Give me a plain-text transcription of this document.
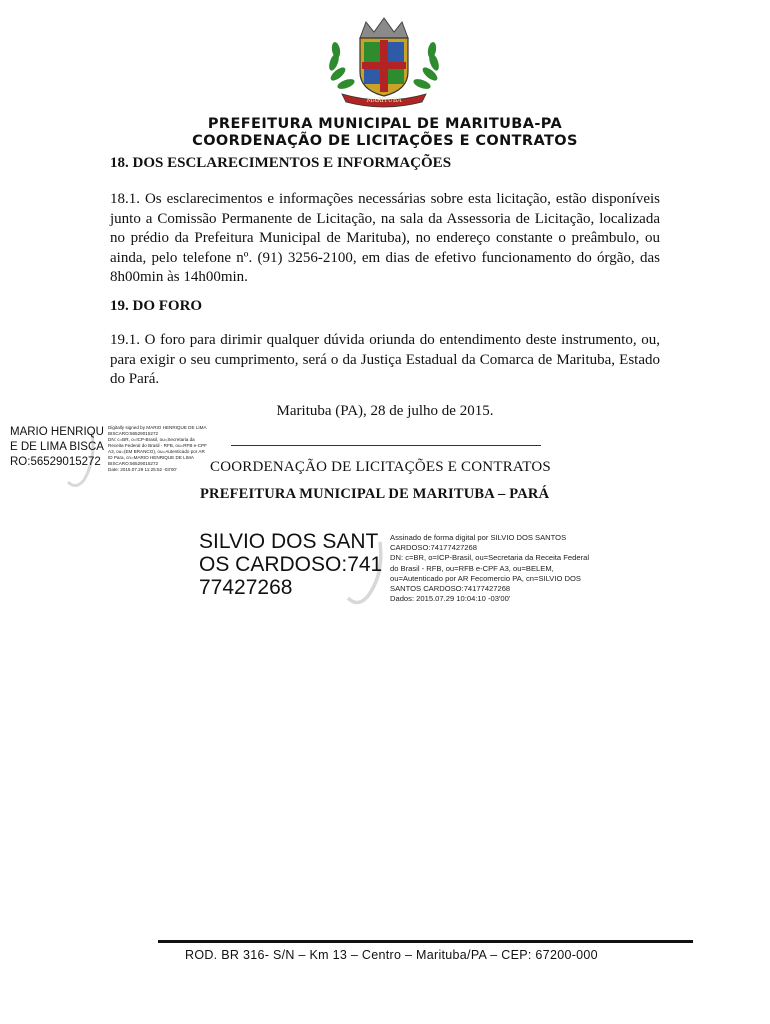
MARITUBA
PREFEITURA MUNICIPAL DE MARITUBA-PA
COORDENAÇÃO DE LICITAÇÕES E CONTRATOS
18. DOS ESCLARECIMENTOS E INFORMAÇÕES
18.1. Os esclarecimentos e informações necessárias sobre esta licitação, estão disponíveis junto a Comissão Permanente de Licitação, na sala da Assessoria de Licitação, localizada no prédio da Prefeitura Municipal de Marituba), no endereço constante o preâmbulo, ou ainda, pelo telefone nº. (91) 3256-2100, em dias de efetivo funcionamento do órgão, das 8h00min às 14h00min.
19. DO FORO
19.1. O foro para dirimir qualquer dúvida oriunda do entendimento deste instrumento, ou, para exigir o seu cumprimento, será o da Justiça Estadual da Comarca de Marituba, Estado do Pará.
Marituba (PA), 28 de julho de 2015.
COORDENAÇÃO DE LICITAÇÕES E CONTRATOS
PREFEITURA MUNICIPAL DE MARITUBA – PARÁ
MARIO HENRIQUE DE LIMA BISCARO:56529015272
Digitally signed by MARIO HENRIQUE DE LIMA BISCARO:56529015272
DN: c=BR, o=ICP-Brasil, ou=Secretaria da Receita Federal do Brasil - RFB, ou=RFB e-CPF A3, ou=(EM BRANCO), ou=Autenticado por AR ID Para, cn=MARIO HENRIQUE DE LIMA BISCARO:56529015272
Date: 2015.07.29 11:25:52 -03'00'
SILVIO DOS SANTOS CARDOSO:74177427268
Assinado de forma digital por SILVIO DOS SANTOS CARDOSO:74177427268
DN: c=BR, o=ICP-Brasil, ou=Secretaria da Receita Federal do Brasil - RFB, ou=RFB e-CPF A3, ou=BELEM, ou=Autenticado por AR Fecomercio PA, cn=SILVIO DOS SANTOS CARDOSO:74177427268
Dados: 2015.07.29 10:04:10 -03'00'
ROD. BR 316- S/N – Km 13 – Centro – Marituba/PA – CEP: 67200-000
